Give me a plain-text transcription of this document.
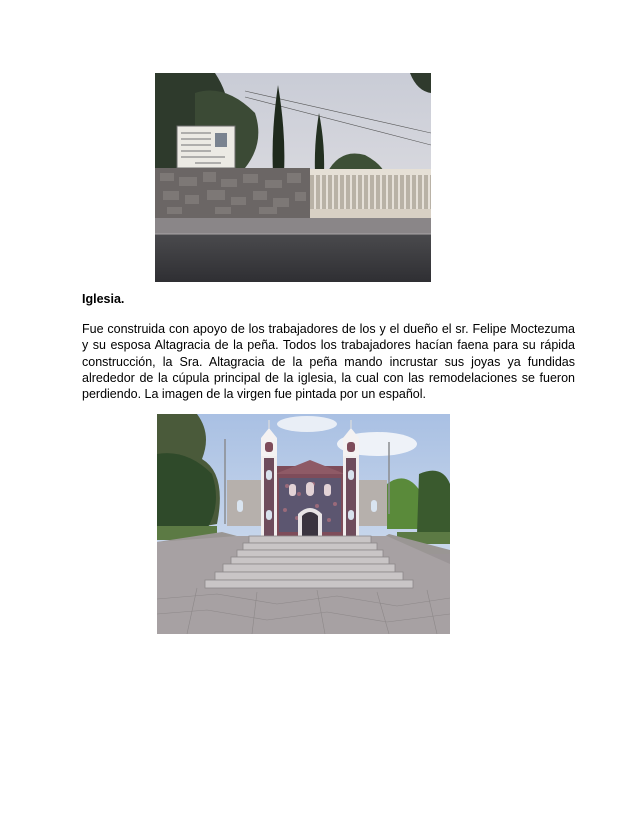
Iglesia.

Fue construida con apoyo de los trabajadores de los y el dueño el sr. Felipe Moctezuma y su esposa Altagracia de la peña. Todos los trabajadores hacían faena para su rápida construcción, la Sra. Altagracia de la peña mando incrustar sus joyas ya fundidas alrededor de la cúpula principal de la iglesia, la cual con las remodelaciones se fueron perdiendo. La imagen de la virgen fue pintada por un español.
